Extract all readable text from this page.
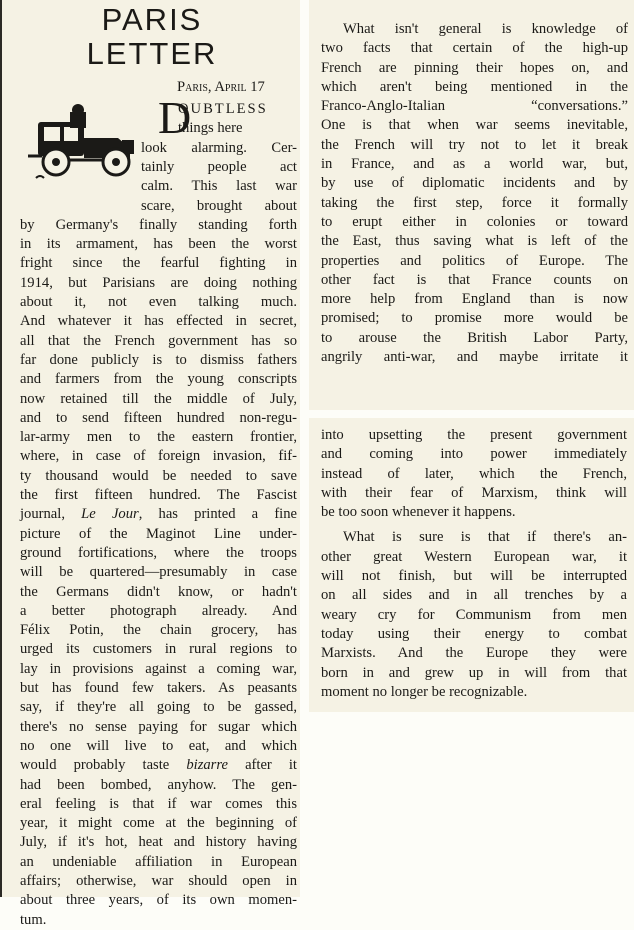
PARIS
LETTER
Paris, April 17
D
OUBTLESS
things here
look alarming. Cer-
tainly people act
calm. This last war
scare, brought about
by Germany's finally standing forth
in its armament, has been the worst
fright since the fearful fighting in
1914, but Parisians are doing nothing
about it, not even talking much.
And whatever it has effected in secret,
all that the French government has so
far done publicly is to dismiss fathers
and farmers from the young conscripts
now retained till the middle of July,
and to send fifteen hundred non-regu-
lar-army men to the eastern frontier,
where, in case of foreign invasion, fif-
ty thousand would be needed to save
the first fifteen hundred. The Fascist
journal, Le Jour, has printed a fine
picture of the Maginot Line under-
ground fortifications, where the troops
will be quartered—presumably in case
the Germans didn't know, or hadn't
a better photograph already. And
Félix Potin, the chain grocery, has
urged its customers in rural regions to
lay in provisions against a coming war,
but has found few takers. As peasants
say, if they're all going to be gassed,
there's no sense paying for sugar which
no one will live to eat, and which
would probably taste bizarre after it
had been bombed, anyhow. The gen-
eral feeling is that if war comes this
year, it might come at the beginning of
July, if it's hot, heat and history having
an undeniable affiliation in European
affairs; otherwise, war should open in
about three years, of its own momen-
tum.
What isn't general is knowledge of
two facts that certain of the high-up
French are pinning their hopes on, and
which aren't being mentioned in the
Franco-Anglo-Italian “conversations.”
One is that when war seems inevitable,
the French will try not to let it break
in France, and as a world war, but,
by use of diplomatic incidents and by
taking the first step, force it formally
to erupt either in colonies or toward
the East, thus saving what is left of the
properties and politics of Europe. The
other fact is that France counts on
more help from England than is now
promised; to promise more would be
to arouse the British Labor Party,
angrily anti-war, and maybe irritate it
into upsetting the present government
and coming into power immediately
instead of later, which the French,
with their fear of Marxism, think will
be too soon whenever it happens.
What is sure is that if there's an-
other great Western European war, it
will not finish, but will be interrupted
on all sides and in all trenches by a
weary cry for Communism from men
today using their energy to combat
Marxists. And the Europe they were
born in and grew up in will from that
moment no longer be recognizable.
